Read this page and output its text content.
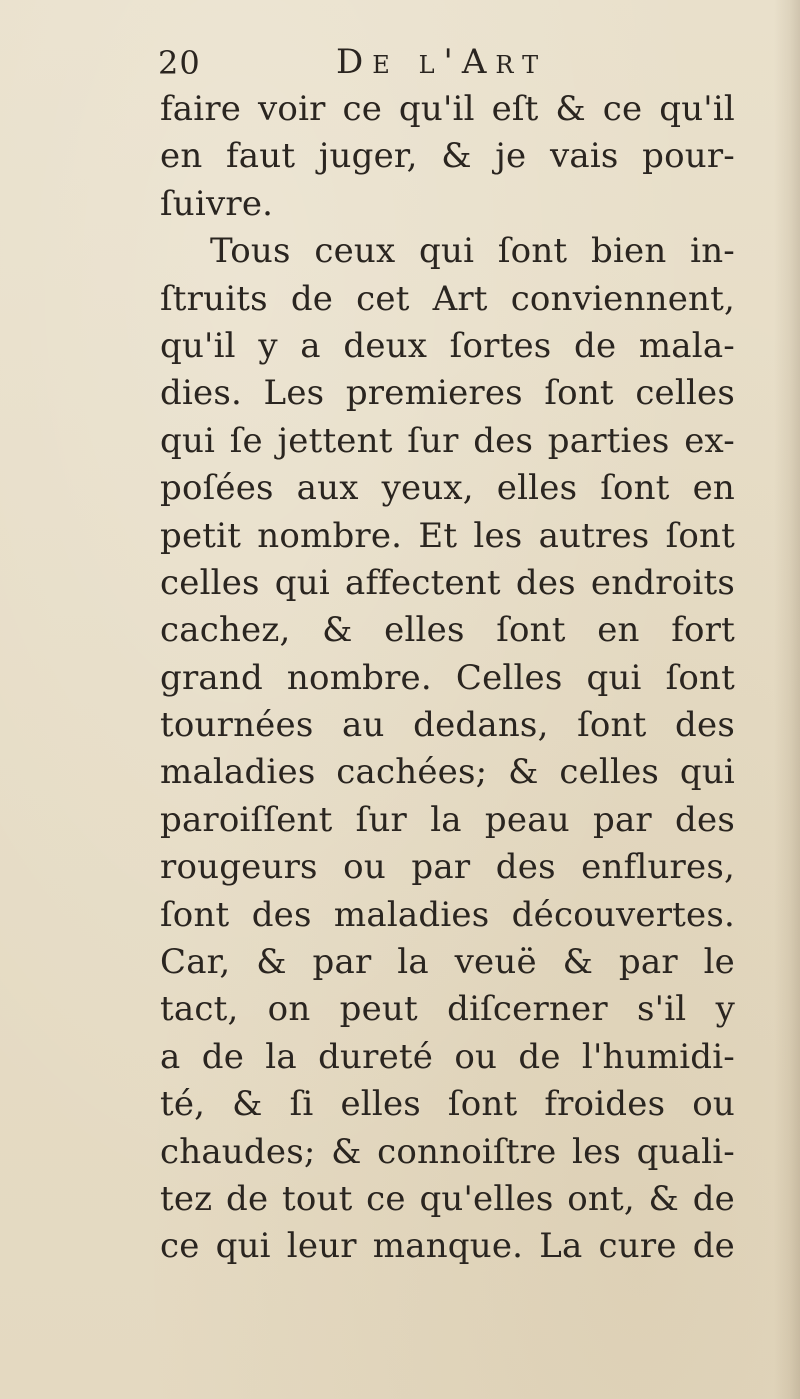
20	De l'Art
faire voir ce qu'il eſt & ce qu'il
en faut juger, & je vais pour-
ſuivre.
Tous ceux qui ſont bien in-
ſtruits de cet Art conviennent,
qu'il y a deux ſortes de mala-
dies. Les premieres ſont celles
qui ſe jettent ſur des parties ex-
poſées aux yeux, elles ſont en
petit nombre. Et les autres ſont
celles qui affectent des endroits
cachez, & elles ſont en fort
grand nombre. Celles qui ſont
tournées au dedans, ſont des
maladies cachées; & celles qui
paroiſſent ſur la peau par des
rougeurs ou par des enflures,
ſont des maladies découvertes.
Car, & par la veuë & par le
tact, on peut diſcerner s'il y
a de la dureté ou de l'humidi-
té, & ſi elles ſont froides ou
chaudes; & connoiſtre les quali-
tez de tout ce qu'elles ont, & de
ce qui leur manque. La cure de
